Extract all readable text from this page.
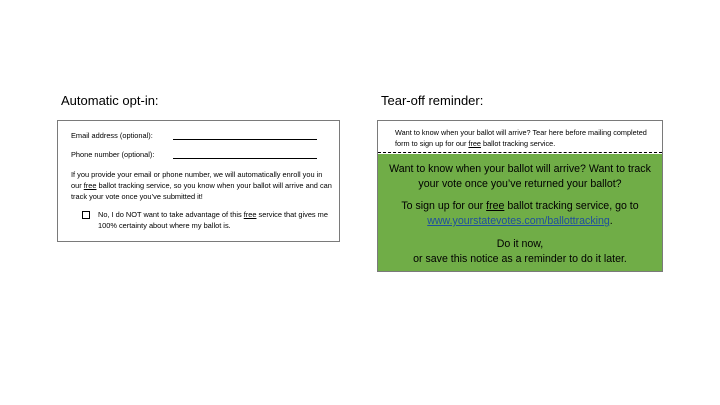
Automatic opt-in:	Tear-off reminder:
Email address (optional):
Phone number (optional):
If you provide your email or phone number, we will automatically enroll you in our free ballot tracking service, so you know when your ballot will arrive and can track your vote once you’ve submitted it!
No, I do NOT want to take advantage of this free service that gives me 100% certainty about where my ballot is.
Want to know when your ballot will arrive? Tear here before mailing completed form to sign up for our free ballot tracking service.
Want to know when your ballot will arrive? Want to track your vote once you’ve returned your ballot?
To sign up for our free ballot tracking service, go to
www.yourstatevotes.com/ballottracking.
Do it now,
or save this notice as a reminder to do it later.
